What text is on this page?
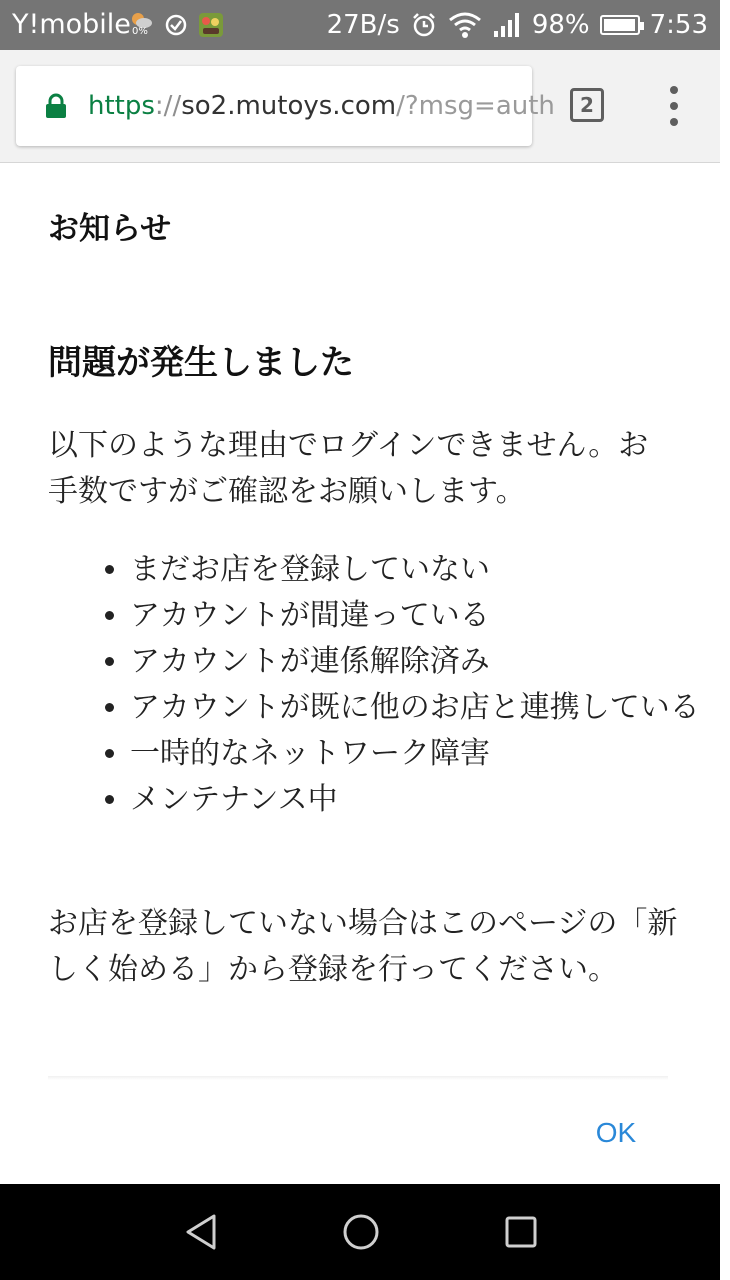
Y!mobile 0%	27B/s	98% 7:53
https://so2.mutoys.com/?msg=auth	2
お知らせ
問題が発生しました
以下のような理由でログインできません。お手数ですがご確認をお願いします。
• まだお店を登録していない
• アカウントが間違っている
• アカウントが連係解除済み
• アカウントが既に他のお店と連携している
• 一時的なネットワーク障害
• メンテナンス中
お店を登録していない場合はこのページの「新しく始める」から登録を行ってください。
OK
